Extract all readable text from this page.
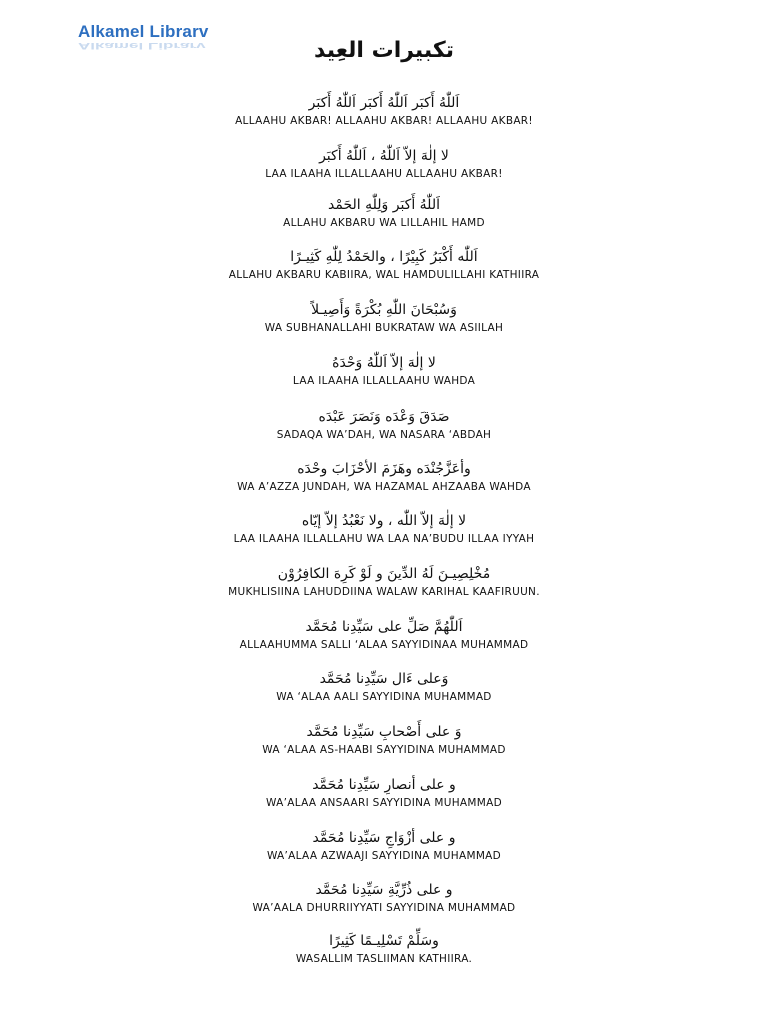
Alkamel Librarv
Alkamel Librarv	تكبيرات العِيد
اَللّٰهُ أَكبَر اَللّٰهُ أَكبَر اَللّٰهُ أَكبَر
ALLAAHU AKBAR! ALLAAHU AKBAR! ALLAAHU AKBAR!
لا إلٰهَ إلاّ اَللّٰهُ ، اَللّٰهُ أَكبَر
LAA ILAAHA ILLALLAAHU ALLAAHU AKBAR!
اَللّٰهُ أَكبَر وَلِلّٰهِ الحَمْد
ALLAHU AKBARU WA LILLAHIL HAMD
اَللّٰه أَكْبَرُ كَبِيْرًا ، والحَمْدُ لِلّٰهِ كَثِيـرًا
ALLAHU AKBARU KABIIRA, WAL HAMDULILLAHI KATHIIRA
وَسُبْحَانَ اللّٰهِ بُكْرَةً وَأَصِيـلاً
WA SUBHANALLAHI BUKRATAW WA ASIILAH
لا إلٰهَ إلاّ اَللّٰهُ وَحْدَهُ
LAA ILAAHA ILLALLAAHU WAHDA
صَدَقَ وَعْدَه وَنَصَرَ عَبْدَه
SADAQA WA’DAH, WA NASARA ‘ABDAH
وأعَزَّجُنْدَه وهَزَمَ الأحْزَابَ وحْدَه
WA A’AZZA JUNDAH, WA HAZAMAL AHZAABA WAHDA
لا إلٰهَ إلاّ اللّٰه ، ولا نَعْبُدُ إلاّ إيّاه
LAA ILAAHA ILLALLAHU WA LAA NA’BUDU ILLAA IYYAH
مُخْلِصِيـنَ لَهُ الدِّينَ و لَوْ كَرِهَ الكافِرُوْن
MUKHLISIINA LAHUDDIINA WALAW KARIHAL KAAFIRUUN.
اَللّٰهُمَّ صَلِّ على سَيِّدِنا مُحَمَّد
ALLAAHUMMA SALLI ‘ALAA SAYYIDINAA MUHAMMAD
وَعلى ءَال سَيِّدِنا مُحَمَّد
WA ‘ALAA AALI SAYYIDINA MUHAMMAD
وَ على أَصْحابِ سَيِّدِنا مُحَمَّد
WA ‘ALAA AS-HAABI SAYYIDINA MUHAMMAD
و على أنصارِ سَيِّدِنا مُحَمَّد
WA’ALAA ANSAARI SAYYIDINA MUHAMMAD
و على أزْوَاجِ سَيِّدِنا مُحَمَّد
WA’ALAA AZWAAJI SAYYIDINA MUHAMMAD
و على ذُرِّيَّةِ سَيِّدِنا مُحَمَّد
WA’AALA DHURRIIYYATI SAYYIDINA MUHAMMAD
وسَلِّمْ تَسْلِيـمًا كَثِيرًا
WASALLIM TASLIIMAN KATHIIRA.
